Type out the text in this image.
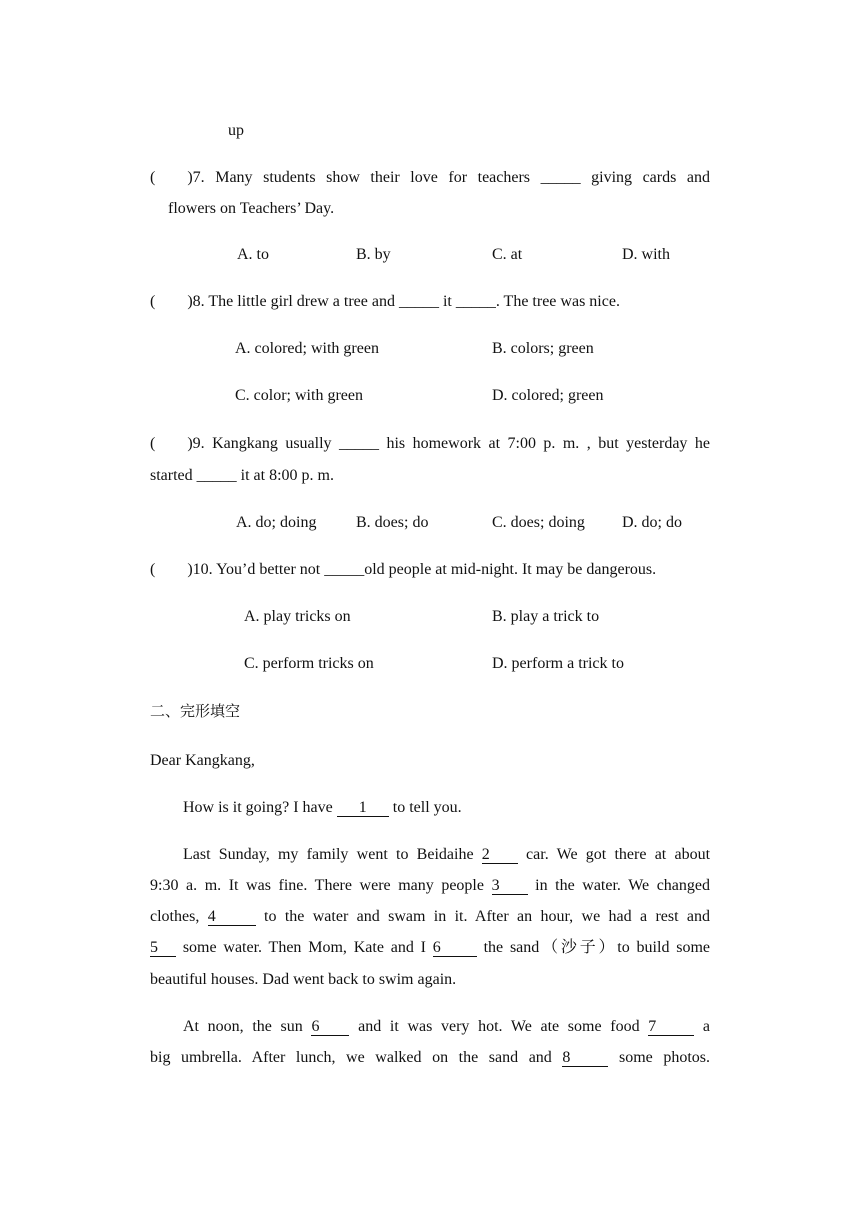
up
( )7. Many students show their love for teachers _____ giving cards and
flowers on Teachers’ Day.
A. to	B. by	C. at	D. with
( )8. The little girl drew a tree and _____ it _____. The tree was nice.
A. colored; with green	B. colors; green
C. color; with green	D. colored; green
( )9. Kangkang usually _____ his homework at 7:00 p. m. , but yesterday he
started _____ it at 8:00 p. m.
A. do; doing B. does; do	C. does; doing D. do; do
( )10. You’d better not _____old people at mid-night. It may be dangerous.
A. play tricks on	B. play a trick to
C. perform tricks on	D. perform a trick to
二、完形填空
Dear Kangkang,
How is it going? I have 1 to tell you.
Last Sunday, my family went to Beidaihe 2 car. We got there at about
9:30 a. m. It was fine. There were many people 3 in the water. We changed
clothes, 4	to the water and swam in it. After an hour, we had a rest and
5 some water. Then Mom, Kate and I 6	the sand（沙子）to build some
beautiful houses. Dad went back to swim again.
At noon, the sun 6 and it was very hot. We ate some food 7	a
big umbrella. After lunch, we walked on the sand and 8	some photos.
